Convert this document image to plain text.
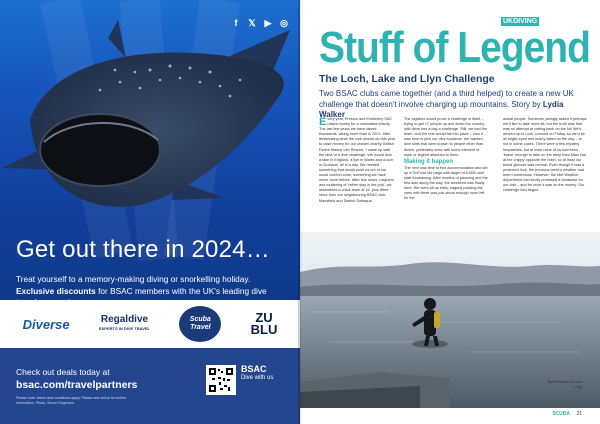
f	𝕏 ▶ ◎
Get out there in 2024…
Treat yourself to a memory-making diving or snorkelling holiday. Exclusive discounts for BSAC members with the UK's leading dive
Diverse	Regaldive
EXPERTS IN DIVE TRAVEL
Scuba Travel
ZU
BLU
Check out deals today at
bsac.com/travelpartners
Please note: terms and conditions apply. Please see online for further information. Photo: Simon Rogerson
BSAC
Dive with us
UKDIVING
Stuff of Legend
The Loch, Lake and Llyn Challenge
Two BSAC clubs came together (and a third helped) to create a new UK challenge that doesn't involve charging up mountains. Story by Lydia Walker
Every year, Preston and Kimberley SAC raises money for a nominated charity. The last few years we have raised thousands, taking more than in 2021. After deliberating what the club should do this year to raise money for our chosen charity, British Divers Marine Life Rescue, I came up with the idea of a dive challenge. We would dive a lake in England, a llyn in Wales and a loch in Scotland, all in a day. We needed something that would push us out of our usual comfort zone, something we have never done before. After few hours, mayhem and muttering of 'rather stay in the pub', we assembled a crack team of 16, plus three more from our neighbouring BSAC club, Mansfield and District Subaqua.
The logistics would prove a challenge in itself – trying to get 17 people up and down the country with drive into a day a challenge. Still, we had the team, and the rest would fall into place – now it was time to pick our dive locations. We wanted dive sites that were known to people other than divers, preferably ones with some element of myth or legend attached to them.
Making it happen
The next was time to find accommodation and set up a GoFund Me page with target of £1000 and start fundraising. After months of planning and the first aids along the way, the weekend was finally here. We were all up early, eagerly packing the vans with three was just about enough room left for the
actual people. Someone jokingly asked if perhaps we'd like to take more kit, but the truth was that was no attempt at cutting back on the kit! We'd arrived up to Loch Lomond on Friday, so we'd be all bright-eyed and bushy tailed on the day – or not in some cases. There were a few mystery headaches, but at least none of us had been 'brave' enough to take on the deep fried Mars Bar at the chippy opposite the hotel, so at least our blood glucose was normal. Even though it was a protected lock, the previous week's weather had been horrendous. However, the Met Weather department had kindly promised a heatwave for our visit – and for once it was on the money. Our challenge had begun.
Not Panesta at Loch Long
SCUBA 21
